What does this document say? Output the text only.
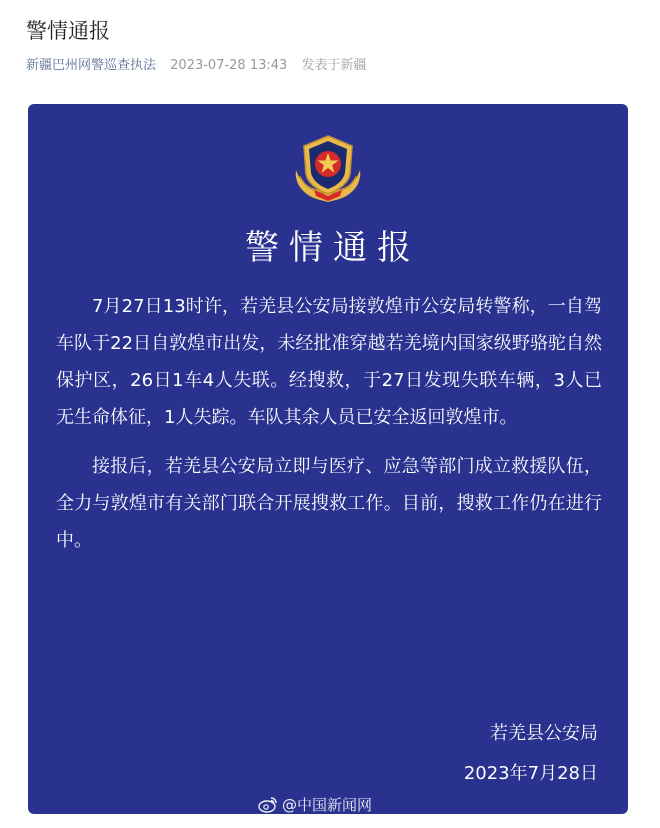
警情通报
新疆巴州网警巡查执法 2023-07-28 13:43 发表于新疆
警情通报

7月27日13时许，若羌县公安局接敦煌市公安局转警称，一自驾车队于22日自敦煌市出发，未经批准穿越若羌境内国家级野骆驼自然保护区，26日1车4人失联。经搜救，于27日发现失联车辆，3人已无生命体征，1人失踪。车队其余人员已安全返回敦煌市。

接报后，若羌县公安局立即与医疗、应急等部门成立救援队伍，全力与敦煌市有关部门联合开展搜救工作。目前，搜救工作仍在进行中。

若羌县公安局
2023年7月28日
@中国新闻网
